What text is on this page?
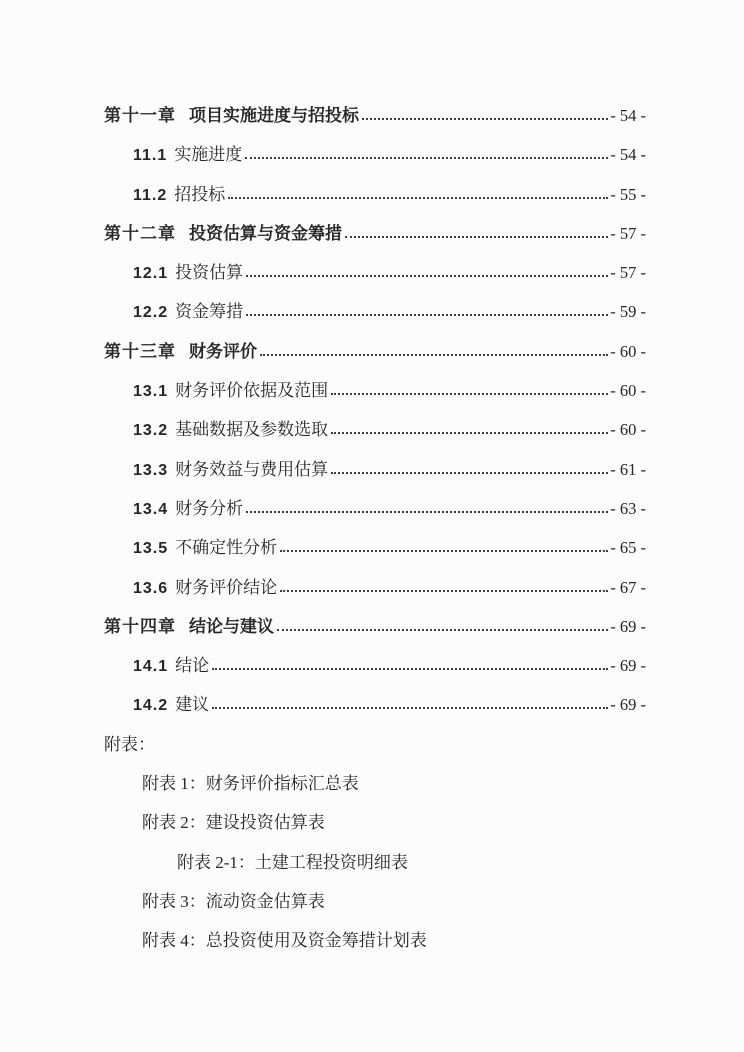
第十一章 项目实施进度与招投标	- 54 -
11.1 实施进度	- 54 -
11.2 招投标	- 55 -
第十二章 投资估算与资金筹措	- 57 -
12.1 投资估算	- 57 -
12.2 资金筹措	- 59 -
第十三章 财务评价	- 60 -
13.1 财务评价依据及范围	- 60 -
13.2 基础数据及参数选取	- 60 -
13.3 财务效益与费用估算	- 61 -
13.4 财务分析	- 63 -
13.5 不确定性分析	- 65 -
13.6 财务评价结论	- 67 -
第十四章 结论与建议	- 69 -
14.1 结论	- 69 -
14.2 建议	- 69 -
附表：
附表 1：财务评价指标汇总表
附表 2：建设投资估算表
附表 2-1：土建工程投资明细表
附表 3：流动资金估算表
附表 4：总投资使用及资金筹措计划表
